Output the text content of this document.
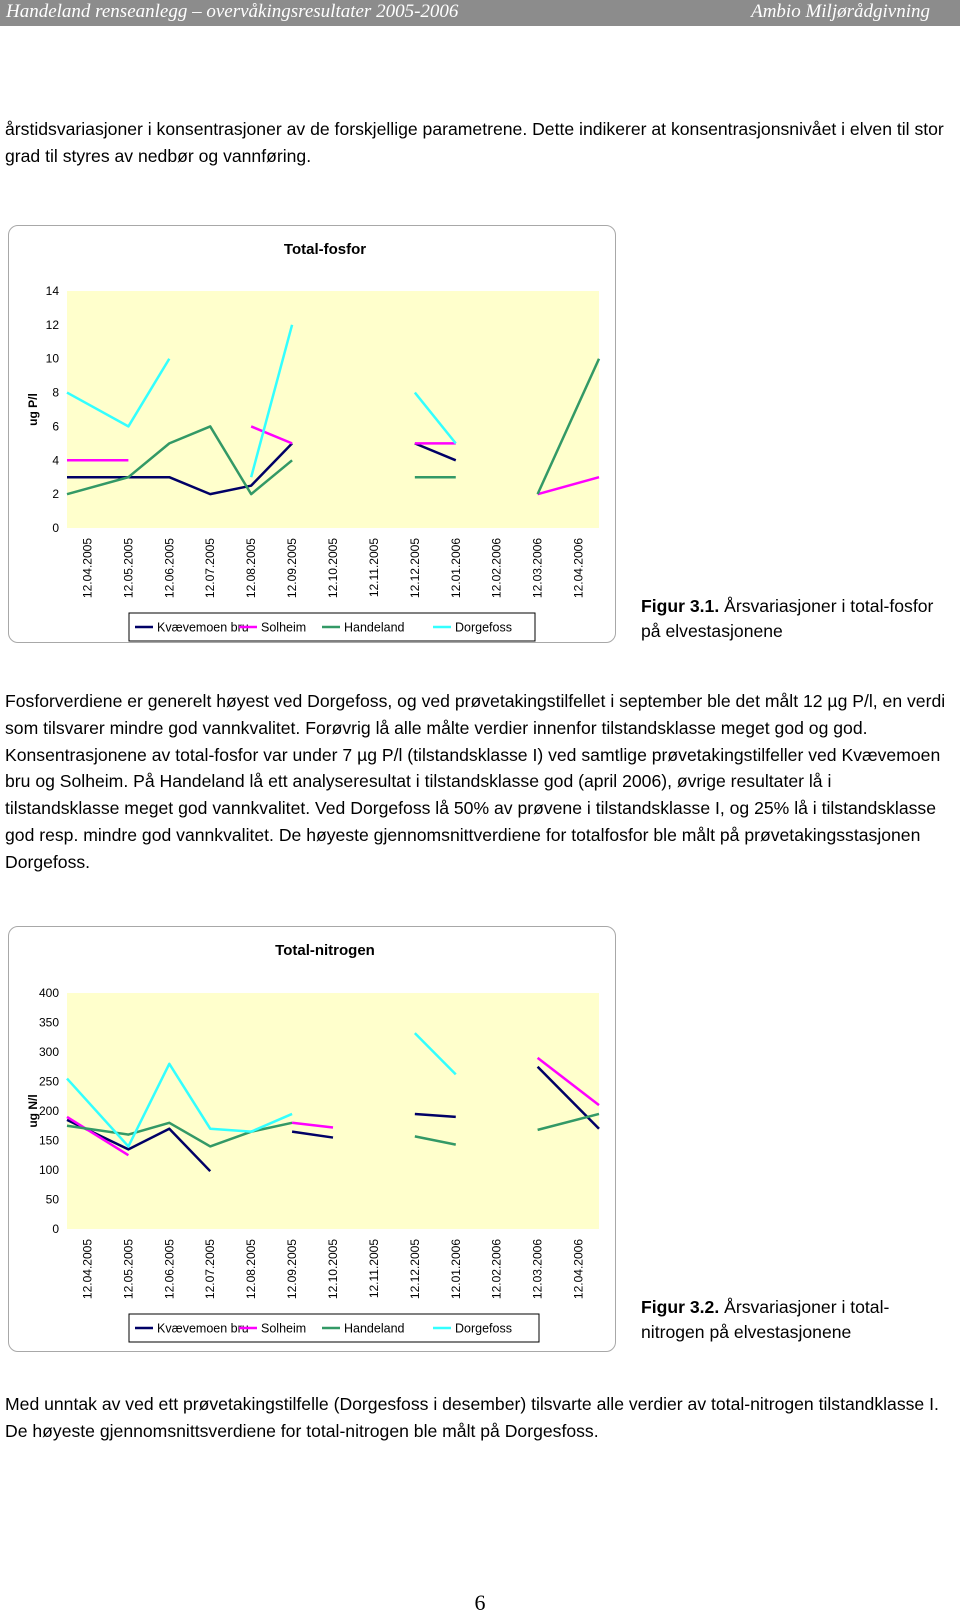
Handeland renseanlegg – overvåkingsresultater 2005-2006	Ambio Miljørådgivning
årstidsvariasjoner i konsentrasjoner av de forskjellige parametrene. Dette indikerer at konsentrasjonsnivået i elven til stor grad til styres av nedbør og vannføring.
Total-fosfor
ug P/l
0
2
4
6
8
10
12
14
12.04.2005 12.05.2005 12.06.2005 12.07.2005 12.08.2005 12.09.2005 12.10.2005 12.11.2005 12.12.2005 12.01.2006 12.02.2006 12.03.2006 12.04.2006
Kvævemoen bru Solheim	Handeland	Dorgefoss
Figur 3.1. Årsvariasjoner i total-fosfor på elvestasjonene
Fosforverdiene er generelt høyest ved Dorgefoss, og ved prøvetakingstilfellet i september ble det målt 12 µg P/l, en verdi som tilsvarer mindre god vannkvalitet. Forøvrig lå alle målte verdier innenfor tilstandsklasse meget god og god. Konsentrasjonene av total-fosfor var under 7 µg P/l (tilstandsklasse I) ved samtlige prøvetakingstilfeller ved Kvævemoen bru og Solheim. På Handeland lå ett analyseresultat i tilstandsklasse god (april 2006), øvrige resultater lå i tilstandsklasse meget god vannkvalitet. Ved Dorgefoss lå 50% av prøvene i tilstandsklasse I, og 25% lå i tilstandsklasse god resp. mindre god vannkvalitet. De høyeste gjennomsnittverdiene for totalfosfor ble målt på prøvetakingsstasjonen Dorgefoss.
Total-nitrogen
ug N/l
0
50
100
150
200
250
300
350
400
12.04.2005 12.05.2005 12.06.2005 12.07.2005 12.08.2005 12.09.2005 12.10.2005 12.11.2005 12.12.2005 12.01.2006 12.02.2006 12.03.2006 12.04.2006
Kvævemoen bru Solheim	Handeland	Dorgefoss
Figur 3.2. Årsvariasjoner i total-nitrogen på elvestasjonene
Med unntak av ved ett prøvetakingstilfelle (Dorgesfoss i desember) tilsvarte alle verdier av total-nitrogen tilstandklasse I. De høyeste gjennomsnittsverdiene for total-nitrogen ble målt på Dorgesfoss.
6
